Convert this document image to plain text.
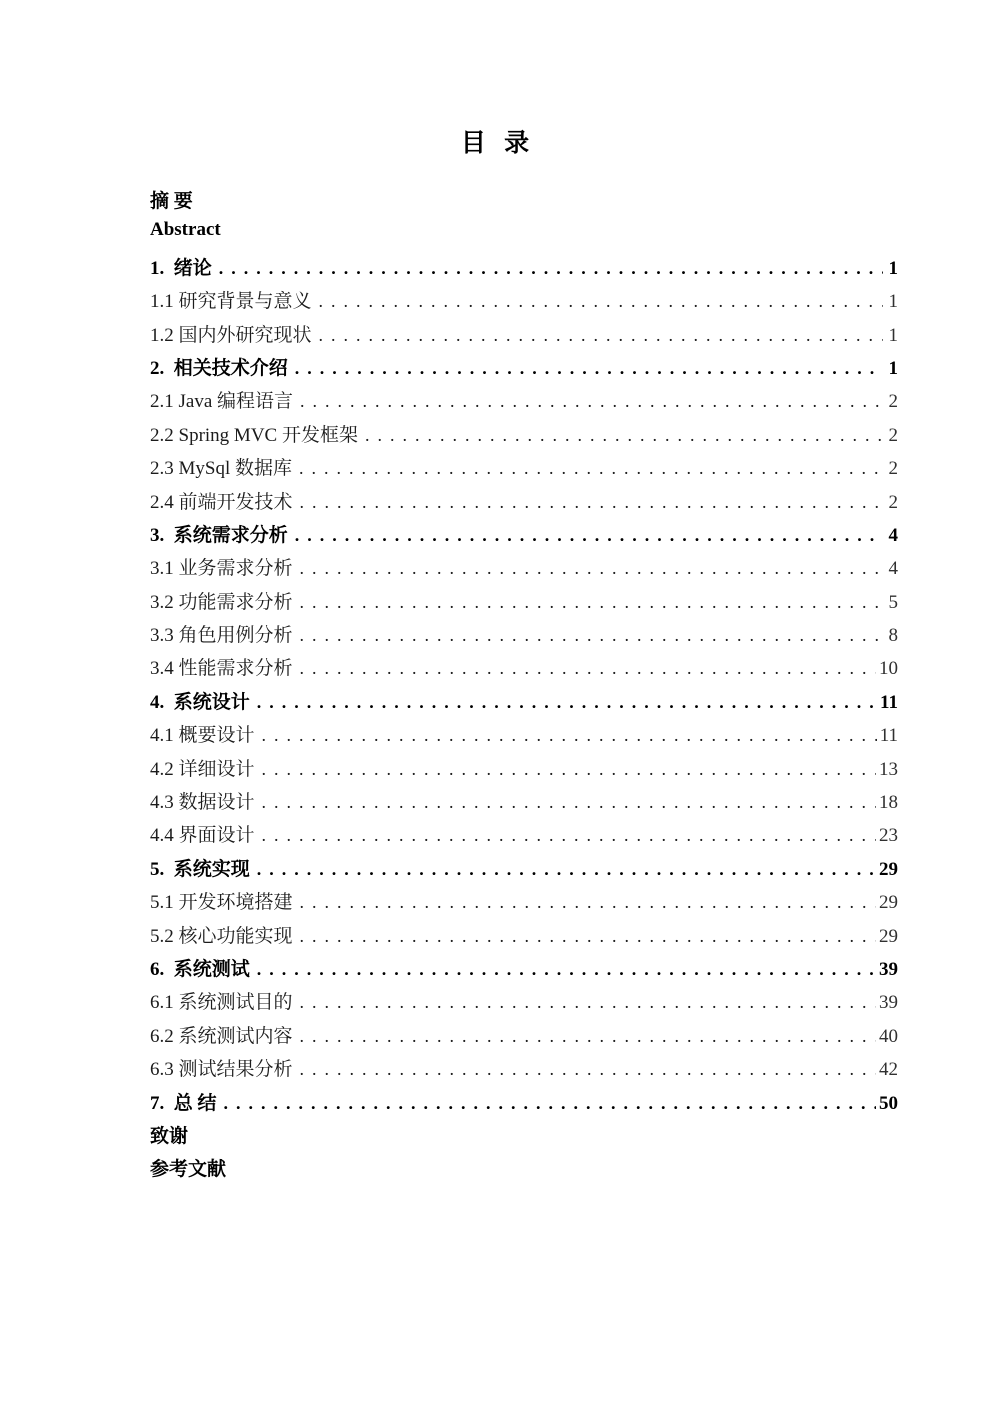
目 录
摘 要
Abstract
1.  绪论 .....	1
1.1 研究背景与意义 .....	1
1.2 国内外研究现状 .....	1
2.  相关技术介绍 .....	1
2.1 Java 编程语言 .....	2
2.2 Spring MVC 开发框架 .....	2
2.3 MySql 数据库 .....	2
2.4 前端开发技术 .....	2
3.  系统需求分析 .....	4
3.1 业务需求分析 .....	4
3.2 功能需求分析 .....	5
3.3 角色用例分析 .....	8
3.4 性能需求分析 .....	10
4.  系统设计 .....	11
4.1 概要设计 .....	11
4.2 详细设计 .....	13
4.3 数据设计 .....	18
4.4 界面设计 .....	23
5.  系统实现 .....	29
5.1 开发环境搭建 .....	29
5.2 核心功能实现 .....	29
6.  系统测试 .....	39
6.1 系统测试目的 .....	39
6.2 系统测试内容 .....	40
6.3 测试结果分析 .....	42
7.  总 结 .....	50
致谢
参考文献
